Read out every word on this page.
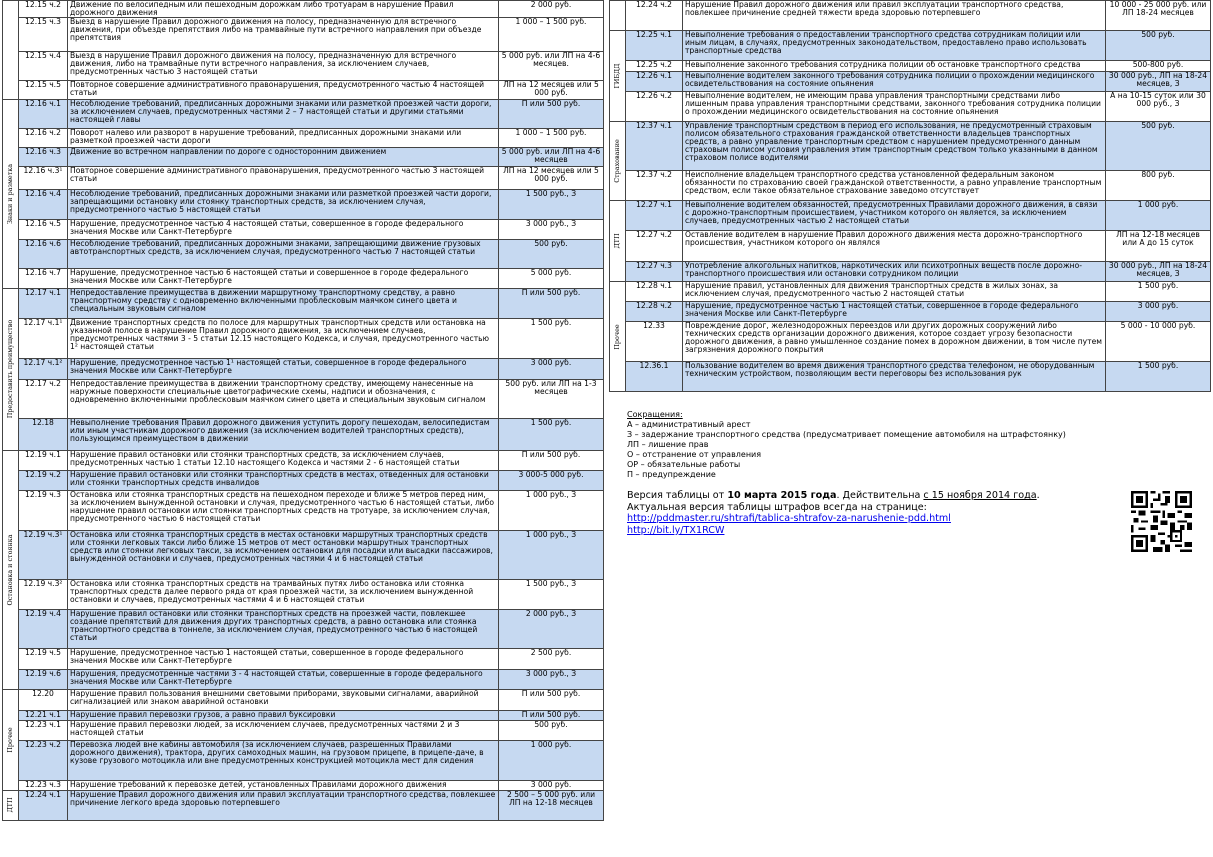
	12.15 ч.2	Движение по велосипедным или пешеходным дорожкам либо тротуарам в нарушение Правил дорожного движения	2 000 руб.
	12.15 ч.3	Выезд в нарушение Правил дорожного движения на полосу, предназначенную для встречного движения, при объезде препятствия либо на трамвайные пути встречного направления при объезде препятствия	1 000 – 1 500 руб.
	12.15 ч.4	Выезд в нарушение Правил дорожного движения на полосу, предназначенную для встречного движения, либо на трамвайные пути встречного направления, за исключением случаев, предусмотренных частью 3 настоящей статьи	5 000 руб. или ЛП на 4-6 месяцев.
	12.15 ч.5	Повторное совершение административного правонарушения, предусмотренного частью 4 настоящей статьи	ЛП на 12 месяцев или 5 000 руб.

Знаки и разметка	12.16 ч.1	Несоблюдение требований, предписанных дорожными знаками или разметкой проезжей части дороги, за исключением случаев, предусмотренных частями 2 – 7 настоящей статьи и другими статьями настоящей главы	П или 500 руб.
	12.16 ч.2	Поворот налево или разворот в нарушение требований, предписанных дорожными знаками или разметкой проезжей части дороги	1 000 – 1 500 руб.
	12.16 ч.3	Движение во встречном направлении по дороге с односторонним движением	5 000 руб. или ЛП на 4-6 месяцев
	12.16 ч.3¹	Повторное совершение административного правонарушения, предусмотренного частью 3 настоящей статьи	ЛП на 12 месяцев или 5 000 руб.
	12.16 ч.4	Несоблюдение требований, предписанных дорожными знаками или разметкой проезжей части дороги, запрещающими остановку или стоянку транспортных средств, за исключением случая, предусмотренного частью 5 настоящей статьи	1 500 руб., З
	12.16 ч.5	Нарушение, предусмотренное частью 4 настоящей статьи, совершенное в городе федерального значения Москве или Санкт-Петербурге	3 000 руб., З
	12.16 ч.6	Несоблюдение требований, предписанных дорожными знаками, запрещающими движение грузовых автотранспортных средств, за исключением случая, предусмотренного частью 7 настоящей статьи	500 руб.
	12.16 ч.7	Нарушение, предусмотренное частью 6 настоящей статьи и совершенное в городе федерального значения Москве или Санкт-Петербурге	5 000 руб.

Предоставить преимущество	12.17 ч.1	Непредоставление преимущества в движении маршрутному транспортному средству, а равно транспортному средству с одновременно включенными проблесковым маячком синего цвета и специальным звуковым сигналом	П или 500 руб.
	12.17 ч.1¹	Движение транспортных средств по полосе для маршрутных транспортных средств или остановка на указанной полосе в нарушение Правил дорожного движения, за исключением случаев, предусмотренных частями 3 - 5 статьи 12.15 настоящего Кодекса, и случая, предусмотренного частью 1² настоящей статьи	1 500 руб.
	12.17 ч.1²	Нарушение, предусмотренное частью 1¹ настоящей статьи, совершенное в городе федерального значения Москве или Санкт-Петербурге	3 000 руб.
	12.17 ч.2	Непредоставление преимущества в движении транспортному средству, имеющему нанесенные на наружные поверхности специальные цветографические схемы, надписи и обозначения, с одновременно включенными проблесковым маячком синего цвета и специальным звуковым сигналом	500 руб. или ЛП на 1-3 месяцев
	12.18	Невыполнение требования Правил дорожного движения уступить дорогу пешеходам, велосипедистам или иным участникам дорожного движения (за исключением водителей транспортных средств), пользующимся преимуществом в движении	1 500 руб.

Остановка и стоянка	12.19 ч.1	Нарушение правил остановки или стоянки транспортных средств, за исключением случаев, предусмотренных частью 1 статьи 12.10 настоящего Кодекса и частями 2 - 6 настоящей статьи	П или 500 руб.
	12.19 ч.2	Нарушение правил остановки или стоянки транспортных средств в местах, отведенных для остановки или стоянки транспортных средств инвалидов	3 000-5 000 руб.
	12.19 ч.3	Остановка или стоянка транспортных средств на пешеходном переходе и ближе 5 метров перед ним, за исключением вынужденной остановки и случая, предусмотренного частью 6 настоящей статьи, либо нарушение правил остановки или стоянки транспортных средств на тротуаре, за исключением случая, предусмотренного частью 6 настоящей статьи	1 000 руб., З
	12.19 ч.3¹	Остановка или стоянка транспортных средств в местах остановки маршрутных транспортных средств или стоянки легковых такси либо ближе 15 метров от мест остановки маршрутных транспортных средств или стоянки легковых такси, за исключением остановки для посадки или высадки пассажиров, вынужденной остановки и случаев, предусмотренных частями 4 и 6 настоящей статьи	1 000 руб., З
	12.19 ч.3²	Остановка или стоянка транспортных средств на трамвайных путях либо остановка или стоянка транспортных средств далее первого ряда от края проезжей части, за исключением вынужденной остановки и случаев, предусмотренных частями 4 и 6 настоящей статьи	1 500 руб., З
	12.19 ч.4	Нарушение правил остановки или стоянки транспортных средств на проезжей части, повлекшее создание препятствий для движения других транспортных средств, а равно остановка или стоянка транспортного средства в тоннеле, за исключением случая, предусмотренного частью 6 настоящей статьи	2 000 руб., З
	12.19 ч.5	Нарушение, предусмотренное частью 1 настоящей статьи, совершенное в городе федерального значения Москве или Санкт-Петербурге	2 500 руб.
	12.19 ч.6	Нарушения, предусмотренные частями 3 - 4 настоящей статьи, совершенные в городе федерального значения Москве или Санкт-Петербурге	3 000 руб., З

Прочее	12.20	Нарушение правил пользования внешними световыми приборами, звуковыми сигналами, аварийной сигнализацией или знаком аварийной остановки	П или 500 руб.
	12.21 ч.1	Нарушение правил перевозки грузов, а равно правил буксировки	П или 500 руб.
	12.23 ч.1	Нарушение правил перевозки людей, за исключением случаев, предусмотренных частями 2 и 3 настоящей статьи	500 руб.
	12.23 ч.2	Перевозка людей вне кабины автомобиля (за исключением случаев, разрешенных Правилами дорожного движения), трактора, других самоходных машин, на грузовом прицепе, в прицепе-даче, в кузове грузового мотоцикла или вне предусмотренных конструкцией мотоцикла мест для сидения	1 000 руб.
	12.23 ч.3	Нарушение требований к перевозке детей, установленных Правилами дорожного движения	3 000 руб.

ДТП	12.24 ч.1	Нарушение Правил дорожного движения или правил эксплуатации транспортного средства, повлекшее причинение легкого вреда здоровью потерпевшего	2 500 – 5 000 руб. или ЛП на 12-18 месяцев
	12.24 ч.2	Нарушение Правил дорожного движения или правил эксплуатации транспортного средства, повлекшее причинение средней тяжести вреда здоровью потерпевшего	10 000 - 25 000 руб. или ЛП 18-24 месяцев

ГИБДД	12.25 ч.1	Невыполнение требования о предоставлении транспортного средства сотрудникам полиции или иным лицам, в случаях, предусмотренных законодательством, предоставлено право использовать транспортные средства	500 руб.
	12.25 ч.2	Невыполнение законного требования сотрудника полиции об остановке транспортного средства	500-800 руб.
	12.26 ч.1	Невыполнение водителем законного требования сотрудника полиции о прохождении медицинского освидетельствования на состояние опьянения	30 000 руб., ЛП на 18-24 месяцев, З
	12.26 ч.2	Невыполнение водителем, не имеющим права управления транспортными средствами либо лишенным права управления транспортными средствами, законного требования сотрудника полиции о прохождении медицинского освидетельствования на состояние опьянения	А на 10-15 суток или 30 000 руб., З

Страхование	12.37 ч.1	Управление транспортным средством в период его использования, не предусмотренный страховым полисом обязательного страхования гражданской ответственности владельцев транспортных средств, а равно управление транспортным средством с нарушением предусмотренного данным страховым полисом условия управления этим транспортным средством только указанными в данном страховом полисе водителями	500 руб.
	12.37 ч.2	Неисполнение владельцем транспортного средства установленной федеральным законом обязанности по страхованию своей гражданской ответственности, а равно управление транспортным средством, если такое обязательное страхование заведомо отсутствует	800 руб.

ДТП	12.27 ч.1	Невыполнение водителем обязанностей, предусмотренных Правилами дорожного движения, в связи с дорожно-транспортным происшествием, участником которого он является, за исключением случаев, предусмотренных частью 2 настоящей статьи	1 000 руб.
	12.27 ч.2	Оставление водителем в нарушение Правил дорожного движения места дорожно-транспортного происшествия, участником которого он являлся	ЛП на 12-18 месяцев или А до 15 суток
	12.27 ч.3	Употребление алкогольных напитков, наркотических или психотропных веществ после дорожно-транспортного происшествия или остановки сотрудником полиции	30 000 руб., ЛП на 18-24 месяцев, З

Прочее	12.28 ч.1	Нарушение правил, установленных для движения транспортных средств в жилых зонах, за исключением случая, предусмотренного частью 2 настоящей статьи	1 500 руб.
	12.28 ч.2	Нарушение, предусмотренное частью 1 настоящей статьи, совершенное в городе федерального значения Москве или Санкт-Петербурге	3 000 руб.
	12.33	Повреждение дорог, железнодорожных переездов или других дорожных сооружений либо технических средств организации дорожного движения, которое создает угрозу безопасности дорожного движения, а равно умышленное создание помех в дорожном движении, в том числе путем загрязнения дорожного покрытия	5 000 - 10 000 руб.
	12.36.1	Пользование водителем во время движения транспортного средства телефоном, не оборудованным техническим устройством, позволяющим вести переговоры без использования рук	1 500 руб.
Сокращения:
А – административный арест
З – задержание транспортного средства (предусматривает помещение автомобиля на штрафстоянку)
ЛП – лишение прав
О – отстранение от управления
ОР – обязательные работы
П – предупреждение
Версия таблицы от 10 марта 2015 года. Действительна с 15 ноября 2014 года.
Актуальная версия таблицы штрафов всегда на странице:
http://pddmaster.ru/shtrafi/tablica-shtrafov-za-narushenie-pdd.html
http://bit.ly/TX1RCW
